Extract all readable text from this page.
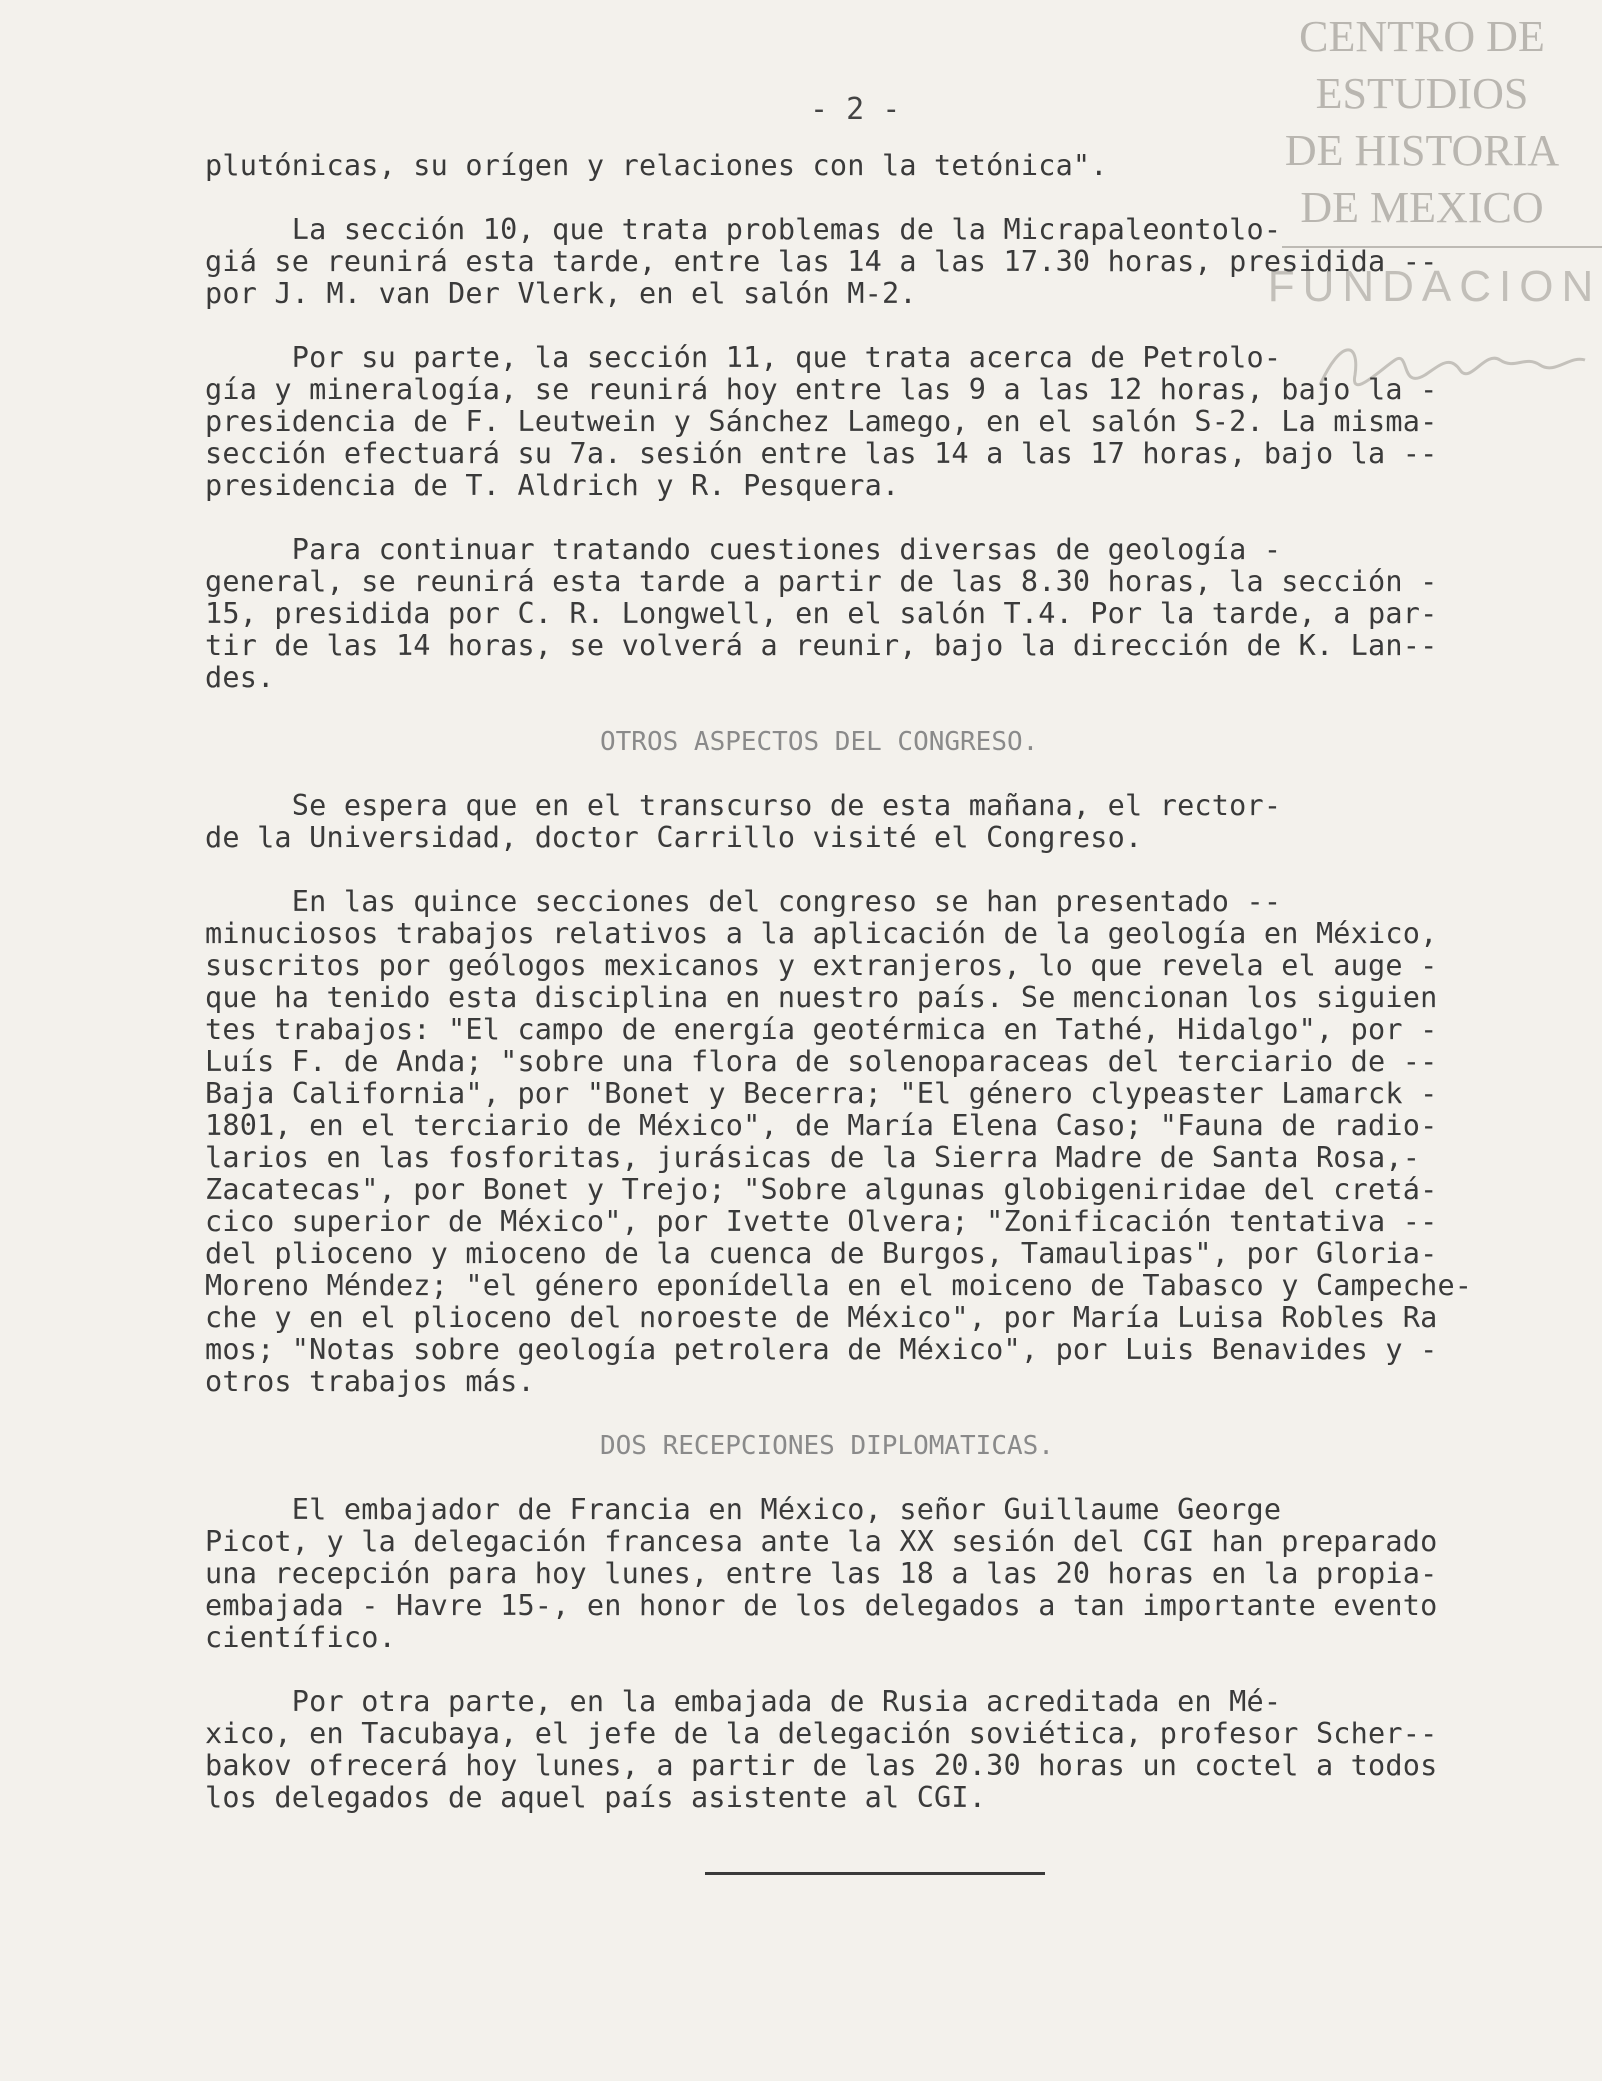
CENTRO DE
ESTUDIOS
DE HISTORIA
DE MEXICO
FUNDACION
- 2 -
plutónicas, su orígen y relaciones con la tetónica".
La sección 10, que trata problemas de la Micrapaleontolo-
giá se reunirá esta tarde, entre las 14 a las 17.30 horas, presidida --
por J. M. van Der Vlerk, en el salón M-2.
Por su parte, la sección 11, que trata acerca de Petrolo-
gía y mineralogía, se reunirá hoy entre las 9 a las 12 horas, bajo la -
presidencia de F. Leutwein y Sánchez Lamego, en el salón S-2. La misma-
sección efectuará su 7a. sesión entre las 14 a las 17 horas, bajo la --
presidencia de T. Aldrich y R. Pesquera.
Para continuar tratando cuestiones diversas de geología -
general, se reunirá esta tarde a partir de las 8.30 horas, la sección -
15, presidida por C. R. Longwell, en el salón T.4. Por la tarde, a par-
tir de las 14 horas, se volverá a reunir, bajo la dirección de K. Lan--
des.
OTROS ASPECTOS DEL CONGRESO.
Se espera que en el transcurso de esta mañana, el rector-
de la Universidad, doctor Carrillo visité el Congreso.
En las quince secciones del congreso se han presentado --
minuciosos trabajos relativos a la aplicación de la geología en México,
suscritos por geólogos mexicanos y extranjeros, lo que revela el auge -
que ha tenido esta disciplina en nuestro país. Se mencionan los siguien
tes trabajos: "El campo de energía geotérmica en Tathé, Hidalgo", por -
Luís F. de Anda; "sobre una flora de solenoparaceas del terciario de --
Baja California", por "Bonet y Becerra; "El género clypeaster Lamarck -
1801, en el terciario de México", de María Elena Caso; "Fauna de radio-
larios en las fosforitas, jurásicas de la Sierra Madre de Santa Rosa,-
Zacatecas", por Bonet y Trejo; "Sobre algunas globigeniridae del cretá-
cico superior de México", por Ivette Olvera; "Zonificación tentativa --
del plioceno y mioceno de la cuenca de Burgos, Tamaulipas", por Gloria-
Moreno Méndez; "el género eponídella en el moiceno de Tabasco y Campeche-
che y en el plioceno del noroeste de México", por María Luisa Robles Ra
mos; "Notas sobre geología petrolera de México", por Luis Benavides y -
otros trabajos más.
DOS RECEPCIONES DIPLOMATICAS.
El embajador de Francia en México, señor Guillaume George
Picot, y la delegación francesa ante la XX sesión del CGI han preparado
una recepción para hoy lunes, entre las 18 a las 20 horas en la propia-
embajada - Havre 15-, en honor de los delegados a tan importante evento
científico.
Por otra parte, en la embajada de Rusia acreditada en Mé-
xico, en Tacubaya, el jefe de la delegación soviética, profesor Scher--
bakov ofrecerá hoy lunes, a partir de las 20.30 horas un coctel a todos
los delegados de aquel país asistente al CGI.
